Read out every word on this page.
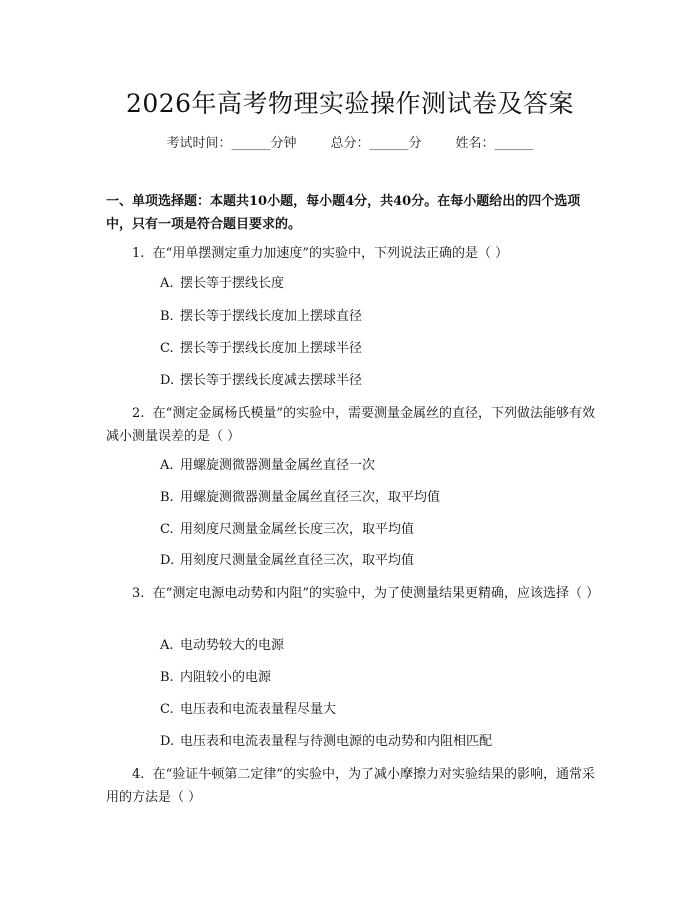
2026年高考物理实验操作测试卷及答案
考试时间：______分钟	总分：______分	姓名：______
一、单项选择题：本题共10小题，每小题4分，共40分。在每小题给出的四个选项中，只有一项是符合题目要求的。
1.  在“用单摆测定重力加速度”的实验中，下列说法正确的是（ ）
A. 摆长等于摆线长度
B. 摆长等于摆线长度加上摆球直径
C. 摆长等于摆线长度加上摆球半径
D. 摆长等于摆线长度减去摆球半径
2.  在“测定金属杨氏模量”的实验中，需要测量金属丝的直径，下列做法能够有效减小测量误差的是（ ）
A. 用螺旋测微器测量金属丝直径一次
B. 用螺旋测微器测量金属丝直径三次，取平均值
C. 用刻度尺测量金属丝长度三次，取平均值
D. 用刻度尺测量金属丝直径三次，取平均值
3.  在“测定电源电动势和内阻”的实验中，为了使测量结果更精确，应该选择（ ）
A. 电动势较大的电源
B. 内阻较小的电源
C. 电压表和电流表量程尽量大
D. 电压表和电流表量程与待测电源的电动势和内阻相匹配
4.  在“验证牛顿第二定律”的实验中，为了减小摩擦力对实验结果的影响，通常采用的方法是（ ）
